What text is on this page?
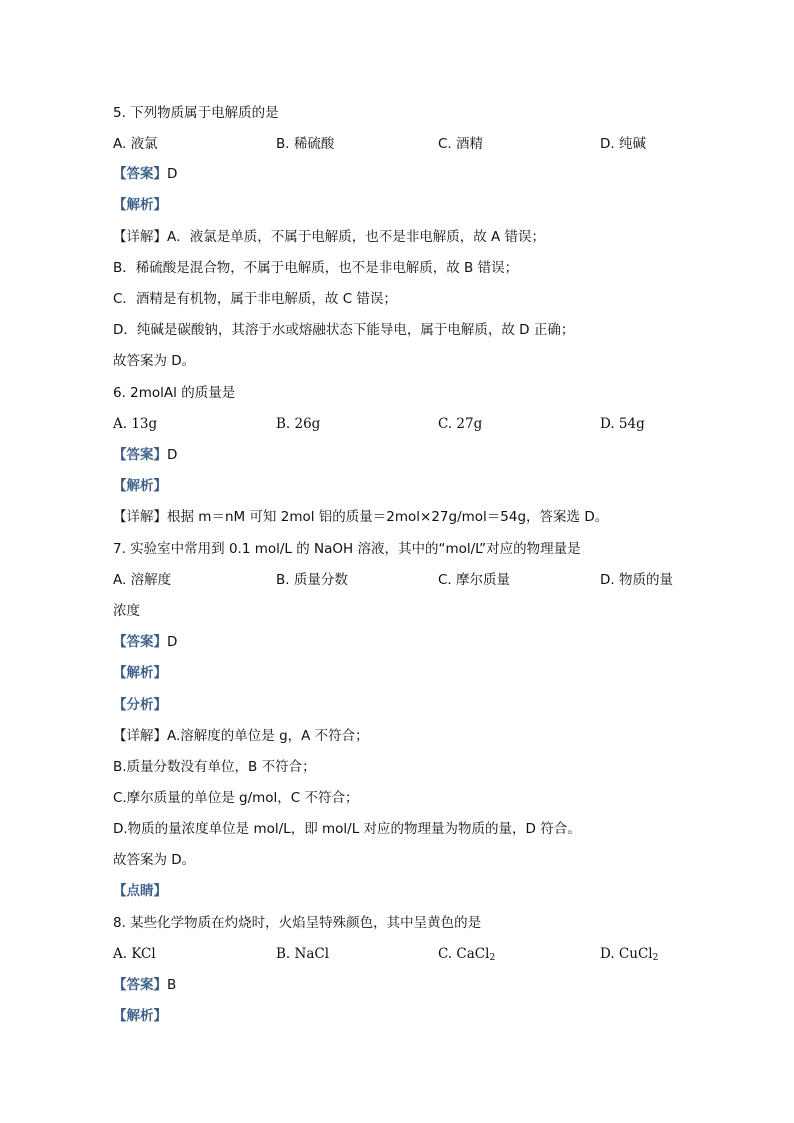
5. 下列物质属于电解质的是
A. 液氯	B. 稀硫酸	C. 酒精	D. 纯碱
【答案】D
【解析】
【详解】A．液氯是单质，不属于电解质，也不是非电解质，故 A 错误；
B．稀硫酸是混合物，不属于电解质，也不是非电解质，故 B 错误；
C．酒精是有机物，属于非电解质，故 C 错误；
D．纯碱是碳酸钠，其溶于水或熔融状态下能导电，属于电解质，故 D 正确；
故答案为 D。
6. 2molAl 的质量是
A. 13g	B. 26g	C. 27g	D. 54g
【答案】D
【解析】
【详解】根据 m＝nM 可知 2mol 铝的质量＝2mol×27g/mol＝54g，答案选 D。
7. 实验室中常用到 0.1 mol/L 的 NaOH 溶液，其中的“mol/L”对应的物理量是
A. 溶解度	B. 质量分数	C. 摩尔质量	D. 物质的量
浓度
【答案】D
【解析】
【分析】
【详解】A.溶解度的单位是 g，A 不符合；
B.质量分数没有单位，B 不符合；
C.摩尔质量的单位是 g/mol，C 不符合；
D.物质的量浓度单位是 mol/L，即 mol/L 对应的物理量为物质的量，D 符合。
故答案为 D。
【点睛】
8. 某些化学物质在灼烧时，火焰呈特殊颜色，其中呈黄色的是
A. KCl	B. NaCl	C. CaCl$_2$	D. CuCl$_2$
【答案】B
【解析】
